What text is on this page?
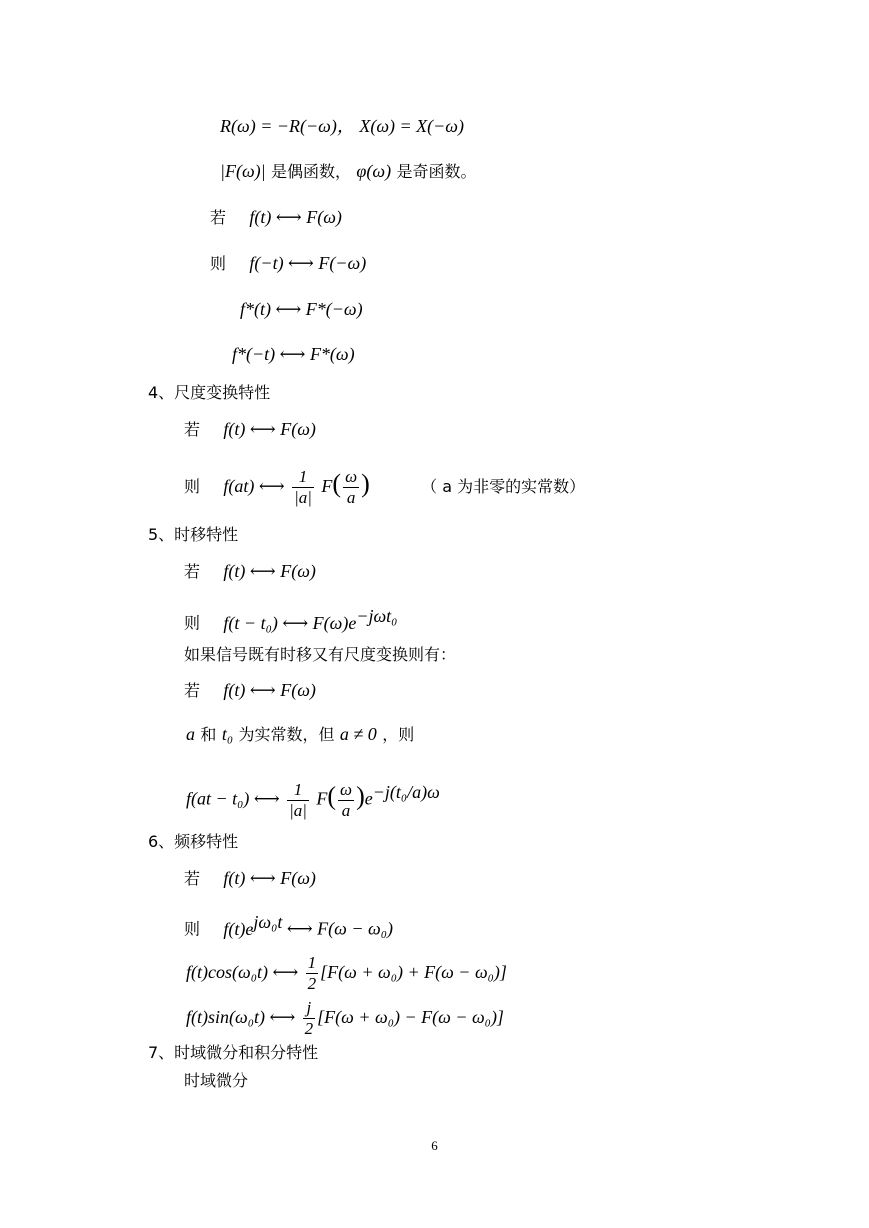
R(ω) = −R(−ω)， X(ω) = X(−ω)
|F(ω)| 是偶函数， φ(ω) 是奇函数。
若 f(t) ⟷ F(ω)
则 f(−t) ⟷ F(−ω)
f*(t) ⟷ F*(−ω)
f*(−t) ⟷ F*(ω)
4、尺度变换特性
若 f(t) ⟷ F(ω)
则 f(at) ⟷ $\frac{1}{|a|} F( \frac{\omega}{a}$ )	（ a 为非零的实常数）
5、时移特性
若 f(t) ⟷ F(ω)
则 f(t − t₀) ⟷ $F(\omega)e^{-j\omega t_0}$
如果信号既有时移又有尺度变换则有：
若 f(t) ⟷ F(ω)
a 和 t₀ 为实常数，但 a ≠ 0 ，则
f(at − t₀) ⟷ $\frac{1}{|a|} F( \frac{\omega}{a} )e^{-j(t_0/a)\omega}$
6、频移特性
若 f(t) ⟷ F(ω)
则 $f(t)e^{j\omega_0t}$ ⟷ F(ω − ω₀)
f(t)cos(ω₀t) ⟷ $\frac{1}{2} [F(\omega + \omega_0) + F(\omega - \omega_0)]$
f(t)sin(ω₀t) ⟷ $\frac{j}{2} [F(\omega + \omega_0) - F(\omega - \omega_0)]$
7、时域微分和积分特性
时域微分
6
